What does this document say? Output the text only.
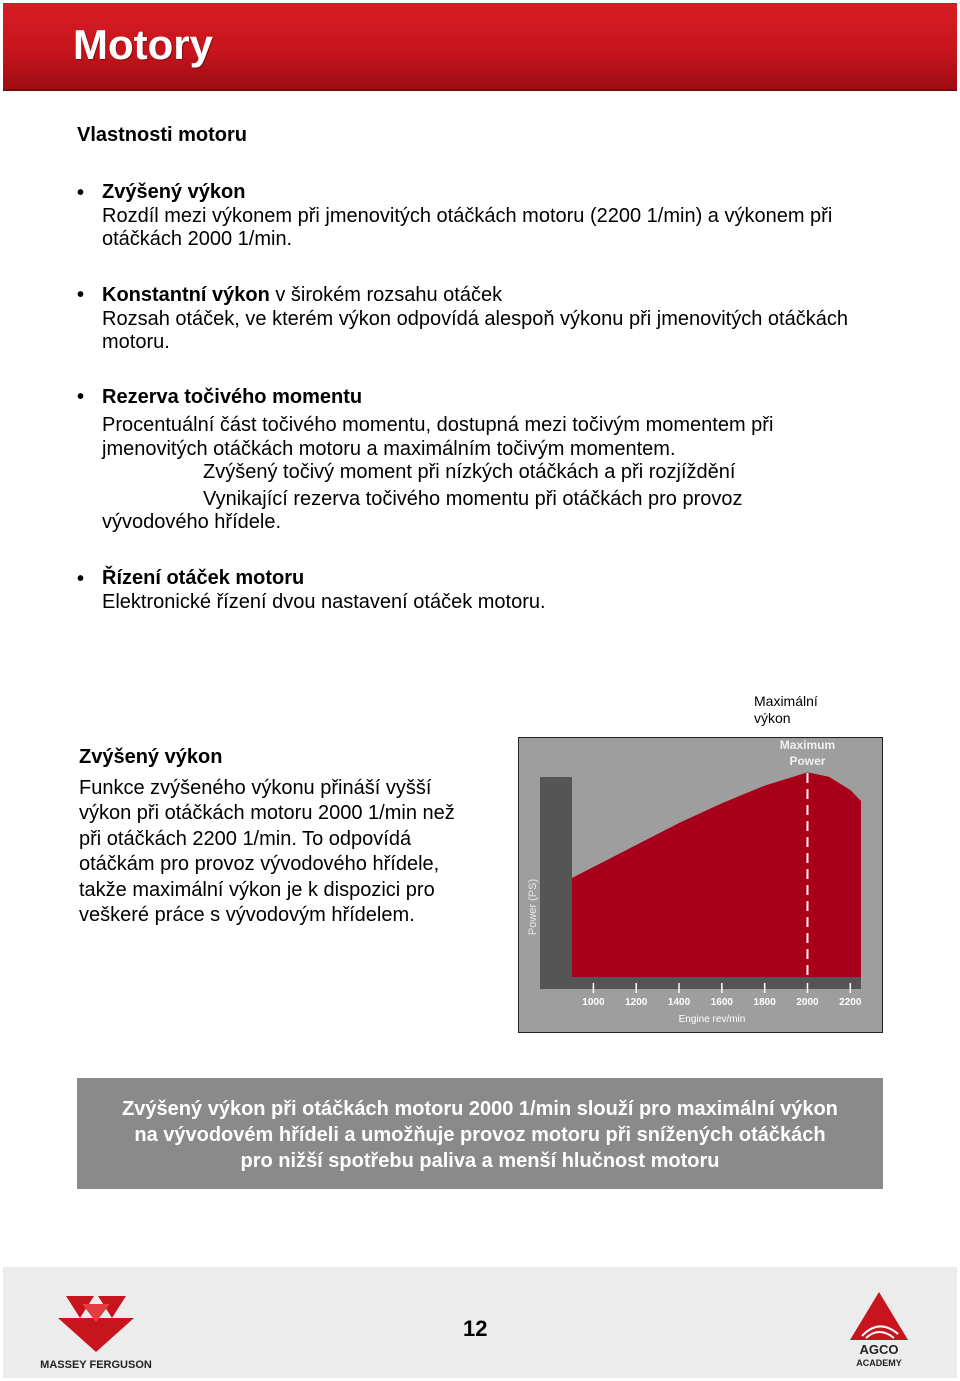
Motory
Vlastnosti motoru
• Zvýšený výkon
Rozdíl mezi výkonem při jmenovitých otáčkách motoru (2200 1/min) a výkonem při otáčkách 2000 1/min.
• Konstantní výkon v širokém rozsahu otáček
Rozsah otáček, ve kterém výkon odpovídá alespoň výkonu při jmenovitých otáčkách motoru.
• Rezerva točivého momentu
Procentuální část točivého momentu, dostupná mezi točivým momentem při
jmenovitých otáčkách motoru a maximálním točivým momentem.
Zvýšený točivý moment při nízkých otáčkách a při rozjíždění
Vynikající rezerva točivého momentu při otáčkách pro provoz
vývodového hřídele.
• Řízení otáček motoru
Elektronické řízení dvou nastavení otáček motoru.
Zvýšený výkon
Funkce zvýšeného výkonu přináší vyšší výkon při otáčkách motoru 2000 1/min než při otáčkách 2200 1/min. To odpovídá otáčkám pro provoz vývodového hřídele, takže maximální výkon je k dispozici pro veškeré práce s vývodovým hřídelem.
Maximální
výkon
Power (PS)
Maximum
Power
1000 1200 1400 1600 1800 2000 2200
Engine rev/min
Zvýšený výkon při otáčkách motoru 2000 1/min slouží pro maximální výkon
na vývodovém hřídeli a umožňuje provoz motoru při snížených otáčkách
pro nižší spotřebu paliva a menší hlučnost motoru
MASSEY FERGUSON
12
AGCO
ACADEMY
